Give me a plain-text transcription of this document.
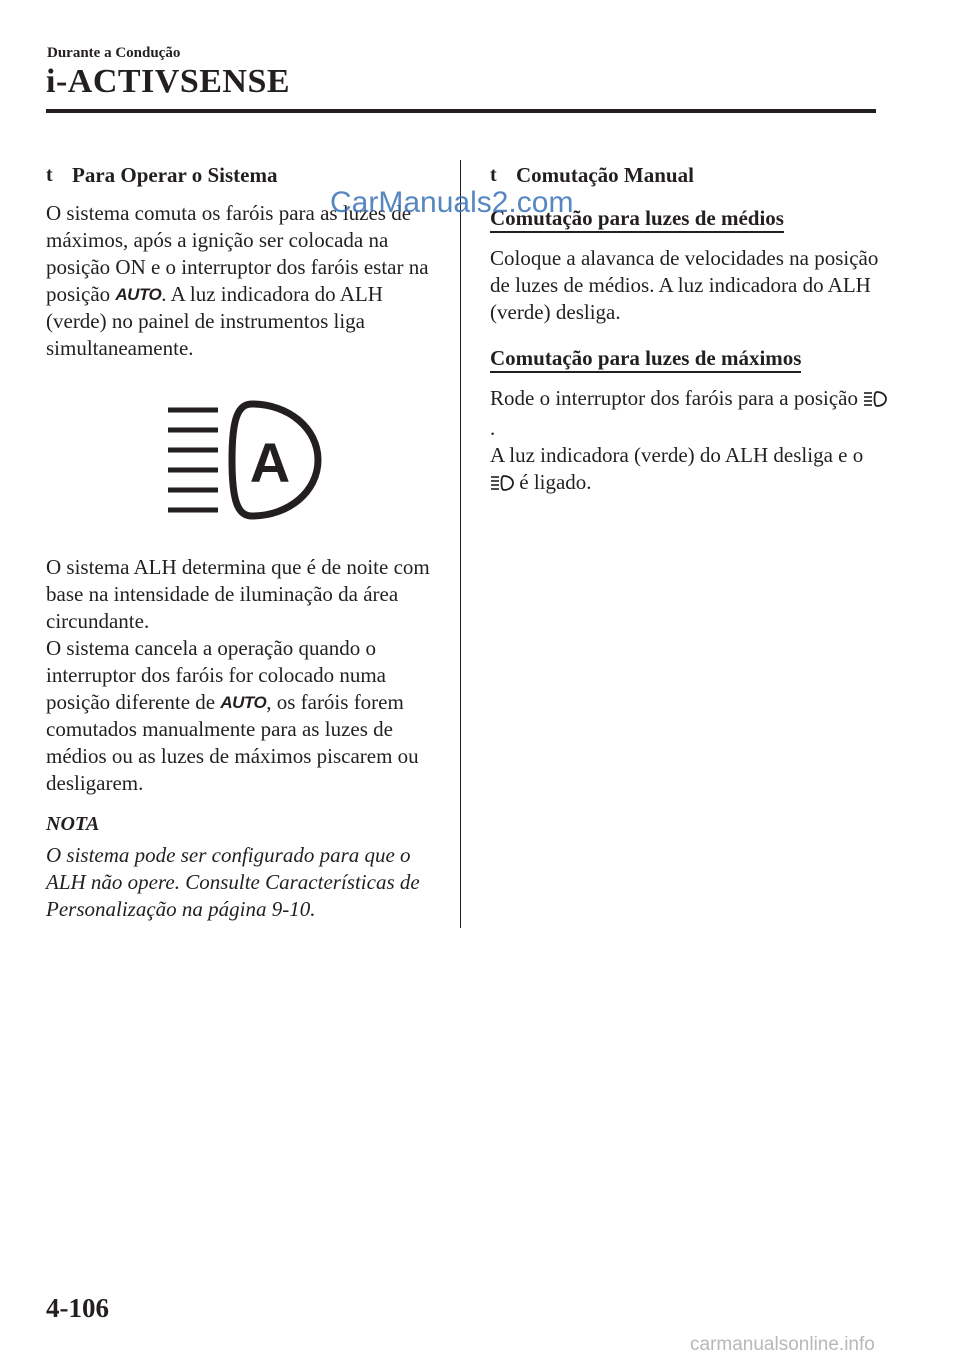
Durante a Condução
i-ACTIVSENSE
t Para Operar o Sistema

O sistema comuta os faróis para as luzes de máximos, após a ignição ser colocada na posição ON e o interruptor dos faróis estar na posição AUTO. A luz indicadora do ALH (verde) no painel de instrumentos liga simultaneamente.

A

O sistema ALH determina que é de noite com base na intensidade de iluminação da área circundante.

O sistema cancela a operação quando o interruptor dos faróis for colocado numa posição diferente de AUTO, os faróis forem comutados manualmente para as luzes de médios ou as luzes de máximos piscarem ou desligarem.

NOTA

O sistema pode ser configurado para que o ALH não opere. Consulte Características de Personalização na página 9-10.

t Comutação Manual
Comutação para luzes de médios

Coloque a alavanca de velocidades na posição de luzes de médios. A luz indicadora do ALH (verde) desliga.

Comutação para luzes de máximos

Rode o interruptor dos faróis para a posição .

A luz indicadora (verde) do ALH desliga e o  é ligado.

CarManuals2.com
4-106
carmanualsonline.info
